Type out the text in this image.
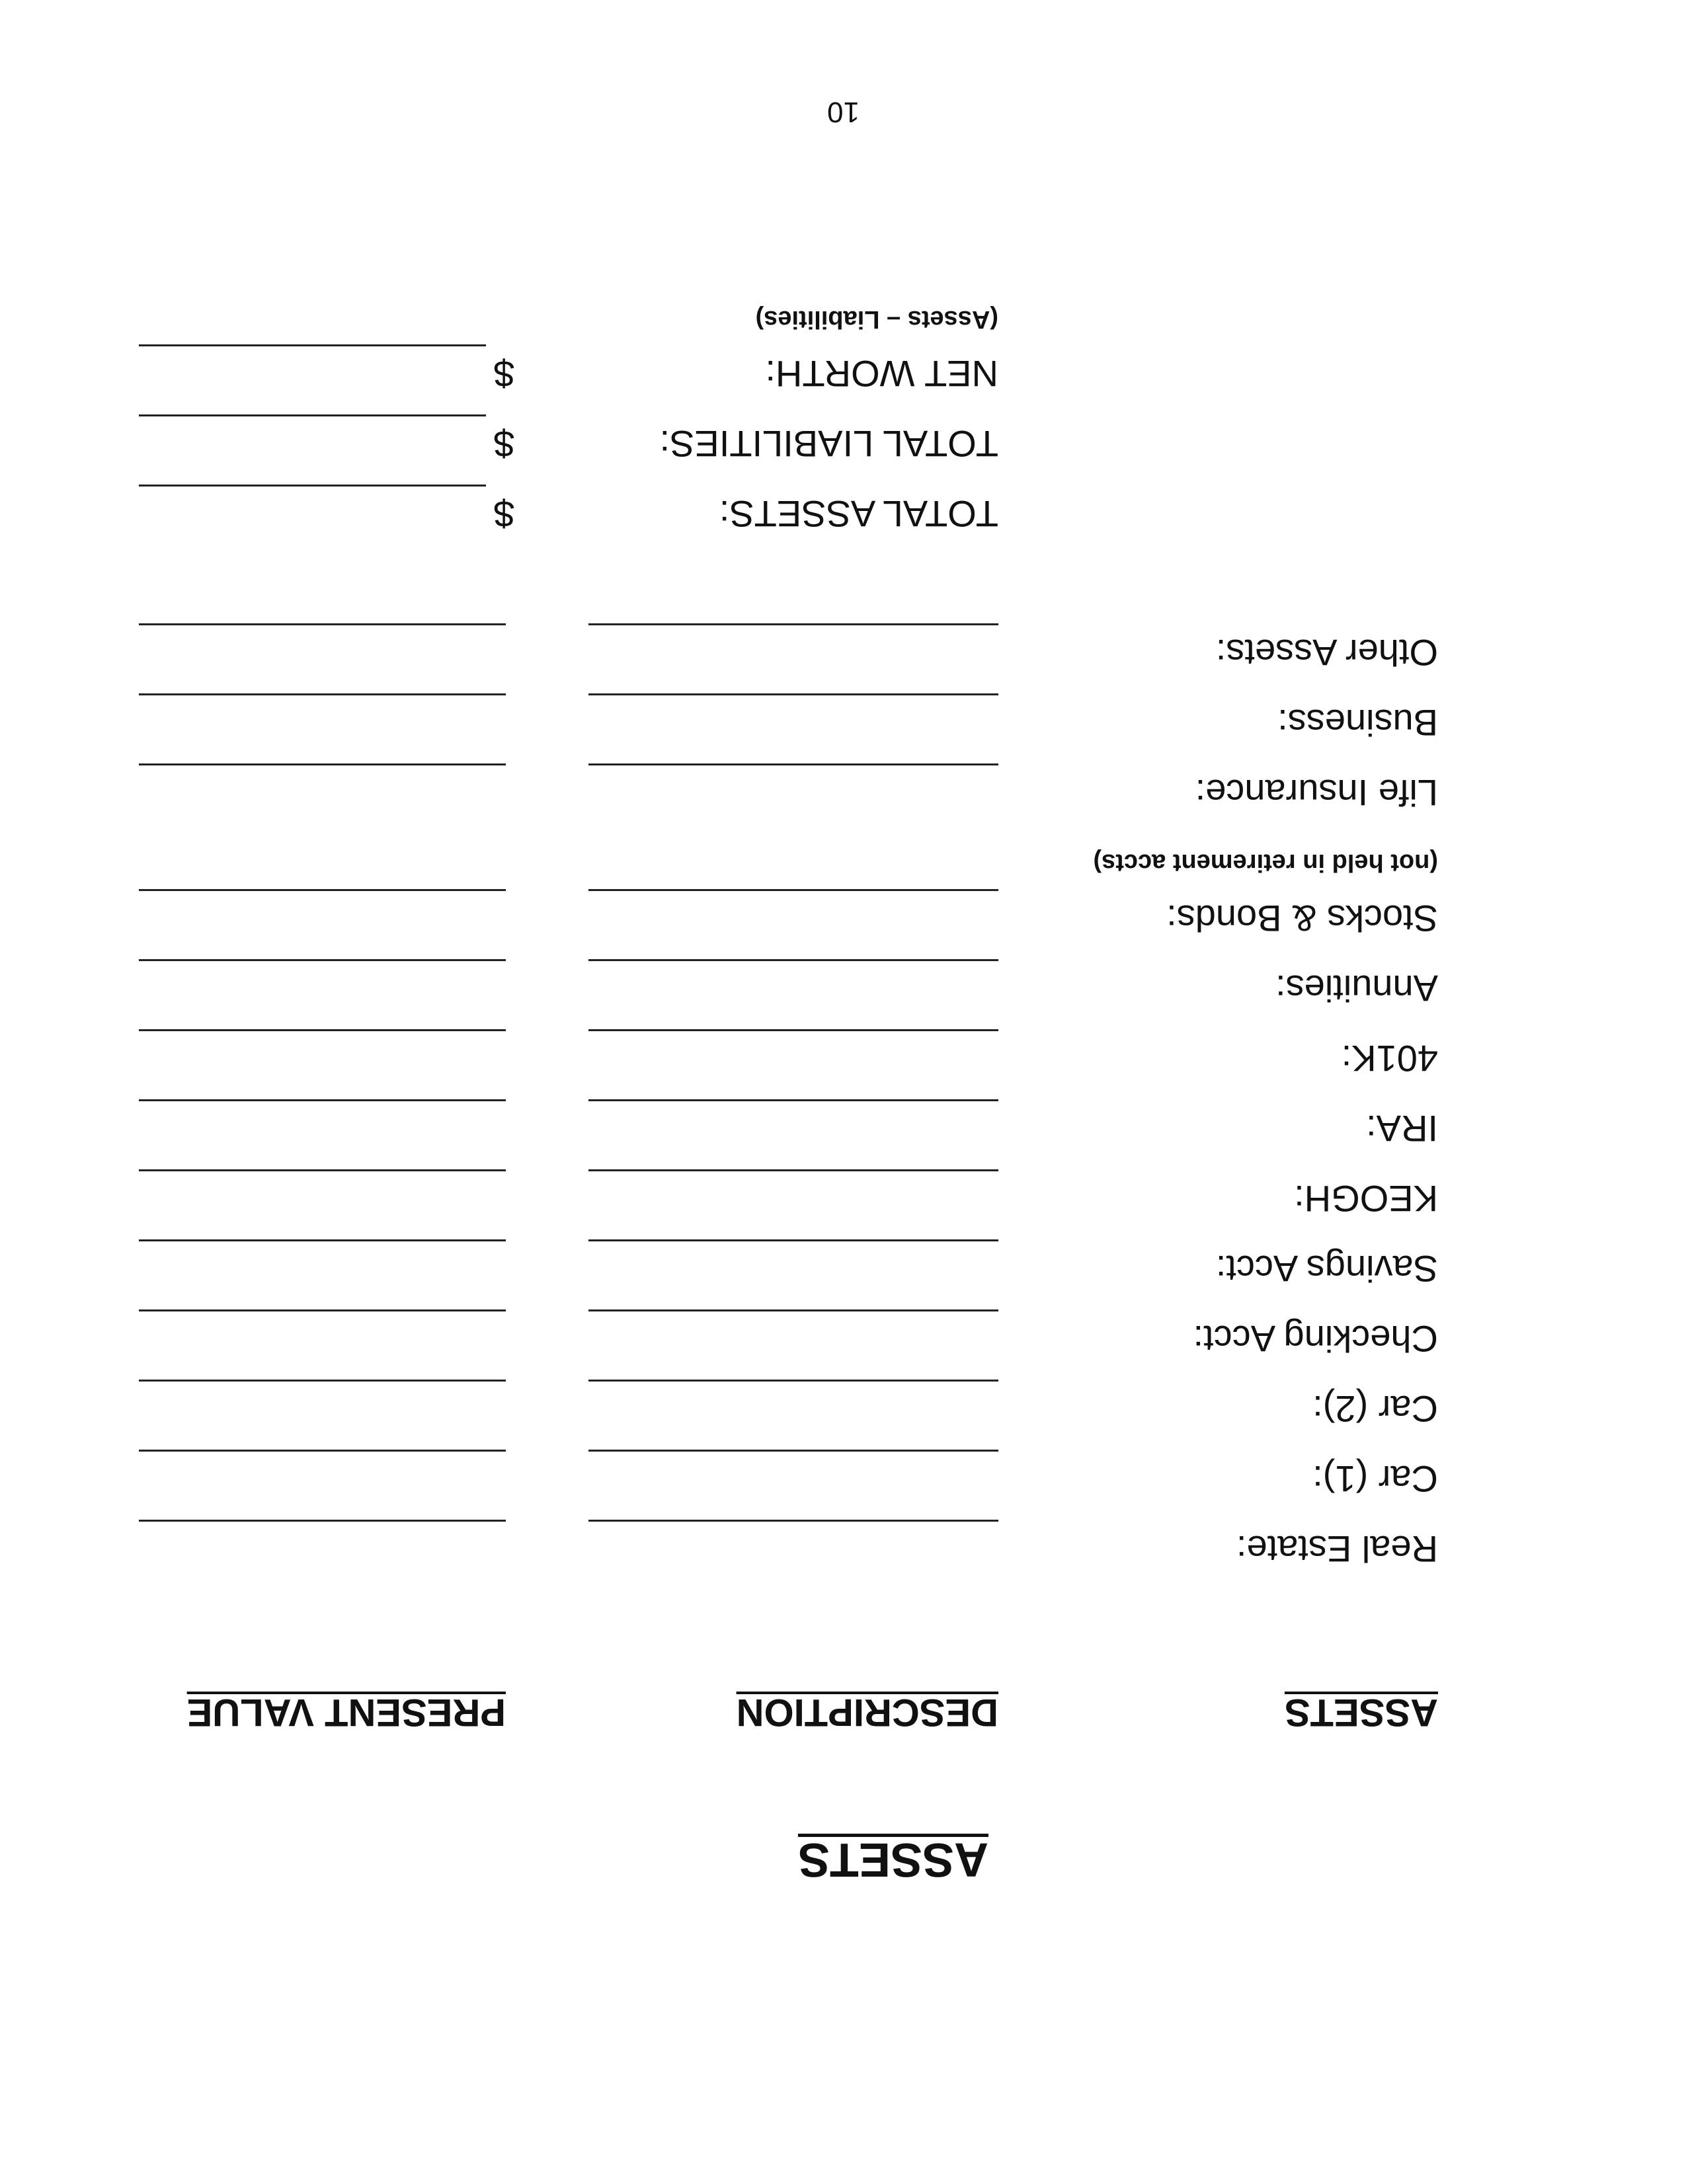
ASSETS
ASSETS
DESCRIPTION
PRESENT VALUE
Real Estate:
Car (1):
Car (2):
Checking Acct:
Savings Acct:
KEOGH:
IRA:
401K:
Annuities:
Stocks & Bonds:
(not held in retirement accts)
Life Insurance:
Business:
Other Assets:
TOTAL ASSETS:
$
TOTAL LIABILITIES:
$
NET WORTH:
$
(Assets – Liabilities)
10
